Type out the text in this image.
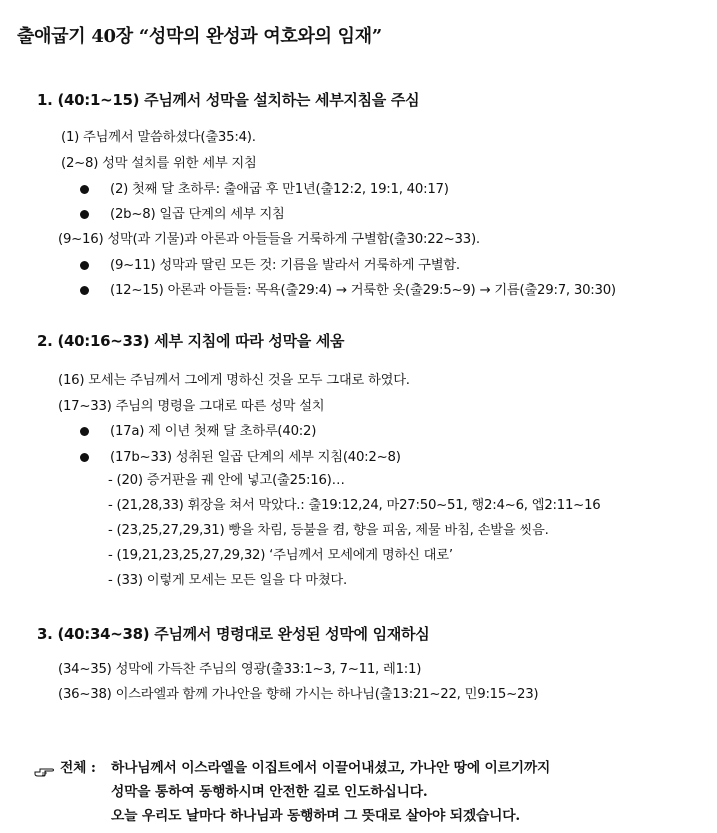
출애굽기 40장 “성막의 완성과 여호와의 임재”
1. (40:1~15) 주님께서 성막을 설치하는 세부지침을 주심
(1) 주님께서 말씀하셨다(출35:4).
(2~8) 성막 설치를 위한 세부 지침
(2) 첫째 달 초하루: 출애굽 후 만1년(출12:2, 19:1, 40:17)
(2b~8) 일곱 단계의 세부 지침
(9~16) 성막(과 기물)과 아론과 아들들을 거룩하게 구별함(출30:22~33).
(9~11) 성막과 딸린 모든 것: 기름을 발라서 거룩하게 구별함.
(12~15) 아론과 아들들: 목욕(출29:4) → 거룩한 옷(출29:5~9) → 기름(출29:7, 30:30)
2. (40:16~33) 세부 지침에 따라 성막을 세움
(16) 모세는 주님께서 그에게 명하신 것을 모두 그대로 하였다.
(17~33) 주님의 명령을 그대로 따른 성막 설치
(17a) 제 이년 첫째 달 초하루(40:2)
(17b~33) 성취된 일곱 단계의 세부 지침(40:2~8)
- (20) 증거판을 궤 안에 넣고(출25:16)…
- (21,28,33) 휘장을 쳐서 막았다.: 출19:12,24, 마27:50~51, 행2:4~6, 엡2:11~16
- (23,25,27,29,31) 빵을 차림, 등불을 켬, 향을 피움, 제물 바침, 손발을 씻음.
- (19,21,23,25,27,29,32) ‘주님께서 모세에게 명하신 대로’
- (33) 이렇게 모세는 모든 일을 다 마쳤다.
3. (40:34~38) 주님께서 명령대로 완성된 성막에 임재하심
(34~35) 성막에 가득찬 주님의 영광(출33:1~3, 7~11, 레1:1)
(36~38) 이스라엘과 함께 가나안을 향해 가시는 하나님(출13:21~22, 민9:15~23)
전체 : 하나님께서 이스라엘을 이집트에서 이끌어내셨고, 가나안 땅에 이르기까지
성막을 통하여 동행하시며 안전한 길로 인도하십니다.
오늘 우리도 날마다 하나님과 동행하며 그 뜻대로 살아야 되겠습니다.
